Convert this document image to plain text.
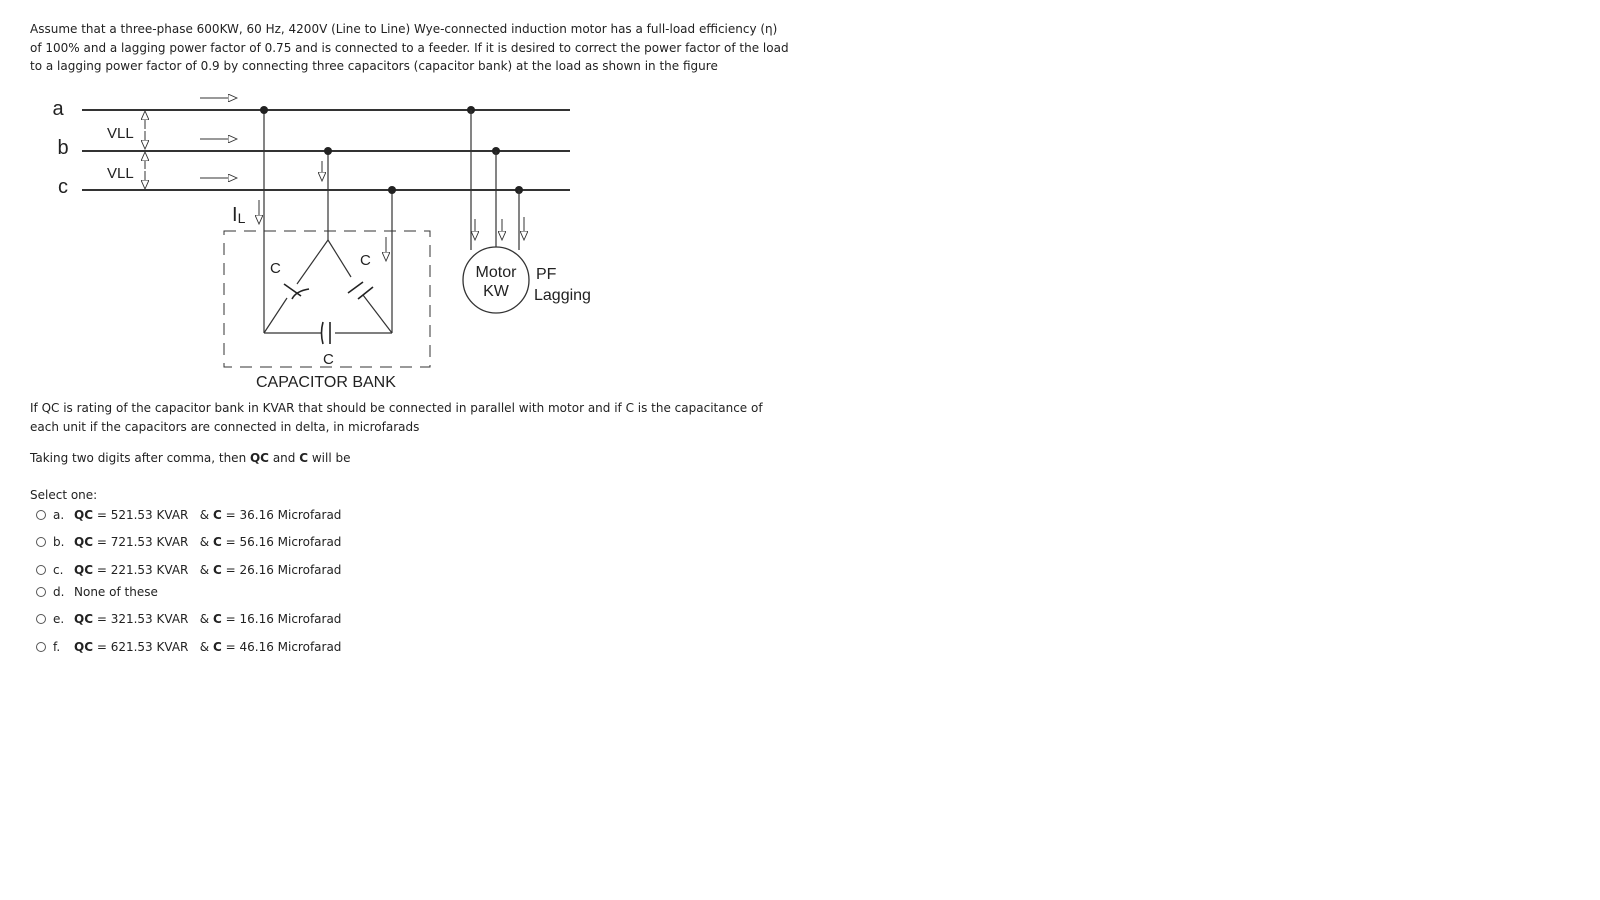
Assume that a three-phase 600KW, 60 Hz, 4200V (Line to Line) Wye-connected induction motor has a full-load efficiency (η) of 100% and a lagging power factor of 0.75 and is connected to a feeder. If it is desired to correct the power factor of the load to a lagging power factor of 0.9 by connecting three capacitors (capacitor bank) at the load as shown in the figure
a
b
c
VLL
VLL
IL
C	C
C
CAPACITOR BANK
Motor
KW
PF
Lagging
If QC is rating of the capacitor bank in KVAR that should be connected in parallel with motor and if C is the capacitance of each unit if the capacitors are connected in delta, in microfarads
Taking two digits after comma, then QC and C will be
Select one:
a. QC = 521.53 KVAR   & C = 36.16 Microfarad
b. QC = 721.53 KVAR   & C = 56.16 Microfarad
c. QC = 221.53 KVAR   & C = 26.16 Microfarad
d. None of these
e. QC = 321.53 KVAR   & C = 16.16 Microfarad
f.	QC = 621.53 KVAR   & C = 46.16 Microfarad
